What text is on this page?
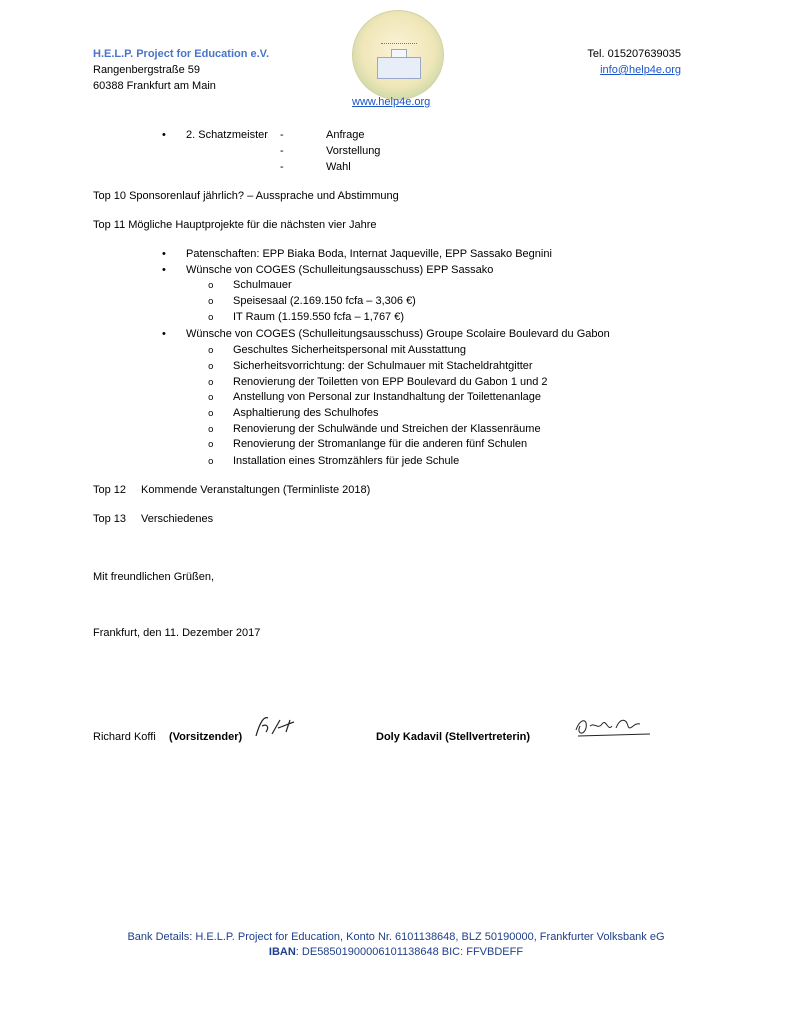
H.E.L.P. Project for Education e.V.
Rangenbergstraße 59
60388 Frankfurt am Main
www.help4e.org
Tel. 015207639035
info@help4e.org
•
2. Schatzmeister -
-
-
Anfrage
Vorstellung
Wahl
Top 10 Sponsorenlauf jährlich? – Aussprache und Abstimmung
Top 11 Mögliche Hauptprojekte für die nächsten vier Jahre
•
Patenschaften: EPP Biaka Boda, Internat Jaqueville, EPP Sassako Begnini
•
Wünsche von COGES (Schulleitungsausschuss) EPP Sassako
o Schulmauer
o Speisesaal (2.169.150 fcfa – 3,306 €)
o IT Raum (1.159.550 fcfa – 1,767 €)
•
Wünsche von COGES (Schulleitungsausschuss) Groupe Scolaire Boulevard du Gabon
o Geschultes Sicherheitspersonal mit Ausstattung
o Sicherheitsvorrichtung: der Schulmauer mit Stacheldrahtgitter
o Renovierung der Toiletten von EPP Boulevard du Gabon 1 und 2
o Anstellung von Personal zur Instandhaltung der Toilettenanlage
o Asphaltierung des Schulhofes
o Renovierung der Schulwände und Streichen der Klassenräume
o Renovierung der Stromanlange für die anderen fünf Schulen
o Installation eines Stromzählers für jede Schule
Top 12 Kommende Veranstaltungen (Terminliste 2018)
Top 13 Verschiedenes
Mit freundlichen Grüßen,
Frankfurt, den 11. Dezember 2017
Richard Koffi (Vorsitzender)	Doly Kadavil (Stellvertreterin)
Bank Details: H.E.L.P. Project for Education, Konto Nr. 6101138648, BLZ 50190000, Frankfurter Volksbank eG
IBAN: DE58501900006101138648 BIC: FFVBDEFF
